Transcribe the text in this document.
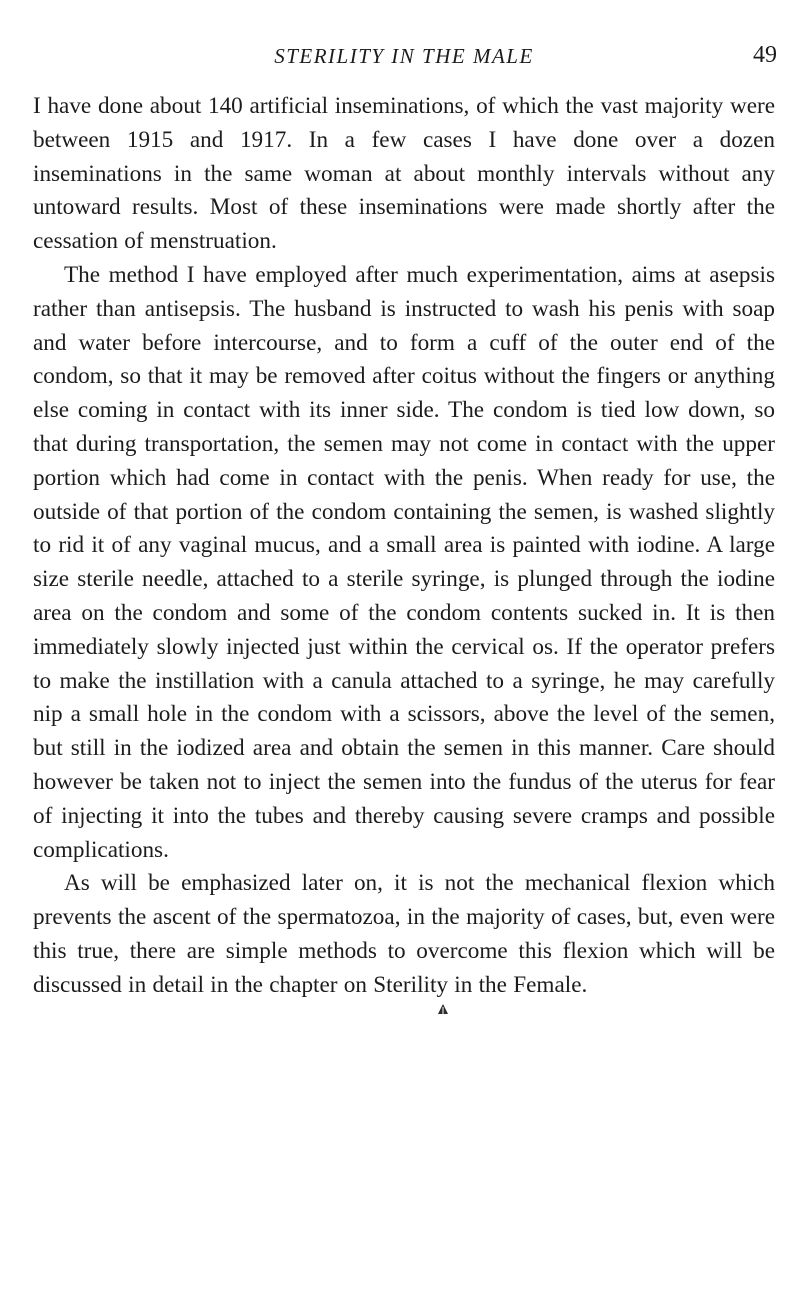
STERILITY IN THE MALE	49

I have done about 140 artificial inseminations, of which the vast majority were between 1915 and 1917. In a few cases I have done over a dozen inseminations in the same woman at about monthly intervals without any untoward results. Most of these inseminations were made shortly after the cessation of menstruation.

The method I have employed after much experimentation, aims at asepsis rather than antisepsis. The husband is instructed to wash his penis with soap and water before intercourse, and to form a cuff of the outer end of the condom, so that it may be removed after coitus without the fingers or anything else coming in contact with its inner side. The condom is tied low down, so that during transportation, the semen may not come in contact with the upper portion which had come in contact with the penis. When ready for use, the outside of that portion of the condom containing the semen, is washed slightly to rid it of any vaginal mucus, and a small area is painted with iodine. A large size sterile needle, attached to a sterile syringe, is plunged through the iodine area on the condom and some of the condom contents sucked in. It is then immediately slowly injected just within the cervical os. If the operator prefers to make the instillation with a canula attached to a syringe, he may carefully nip a small hole in the condom with a scissors, above the level of the semen, but still in the iodized area and obtain the semen in this manner. Care should however be taken not to inject the semen into the fundus of the uterus for fear of injecting it into the tubes and thereby causing severe cramps and possible complications.

As will be emphasized later on, it is not the mechanical flexion which prevents the ascent of the spermatozoa, in the majority of cases, but, even were this true, there are simple methods to overcome this flexion which will be discussed in detail in the chapter on Sterility in the Female.
